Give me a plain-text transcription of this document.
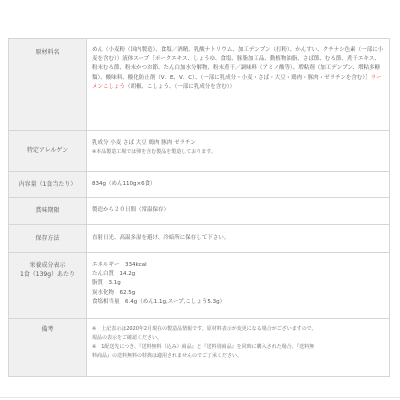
原材料名	めん（小麦粉（国内製造）、食塩／酒精、乳酸ナトリウム、加工デンプン（打粉）、かんすい、クチナシ色素（一部に小麦を含む））液体スープ［ポークエキス、しょうゆ、食塩、豚脂加工品、動植物油脂、さば節、むろ節、煮干エキス、粉末むろ節、粉末かつお節、たん白加水分解物、粉末煮干／調味料（アミノ酸等）、増粘剤（加工デンプン、増粘多糖類）、酸味料、酸化防止剤（V．E、V．C）、（一部に乳成分・小麦・さば・大豆・鶏肉・豚肉・ゼラチンを含む）］ラーメンこしょう（胡椒、こしょう、（一部に乳成分を含む））

特定アレルゲン	乳成分 小麦 さば 大豆 鶏肉 豚肉 ゼラチン
※本品製造工場では卵を含む製品を製造しております。

内容量（1食当たり）	834g（めん110g×6食）

賞味期限	製造から２０日間（常温保存）

保存方法	直射日光、高温多湿を避け、冷暗所に保存して下さい。

栄養成分表示
1食（139g）あたり	エネルギー　334kcal
たん白質　14.2g
脂質　3.1g
炭水化物　62.5g
食塩相当量　6.4g（めん1.1g,スープ,こしょう5.3g）

備考	※　上記表示は2020年2月現在の製造品情報です。原材料表示が変更になる場合がございますので、
現品の表示をご確認ください。
※　1配送先につき、『送料無料（込み）商品』と『送料別商品』を同時に購入された場合、『送料無
料商品』の送料無料の特典は適用されませんのでご了承ください。
